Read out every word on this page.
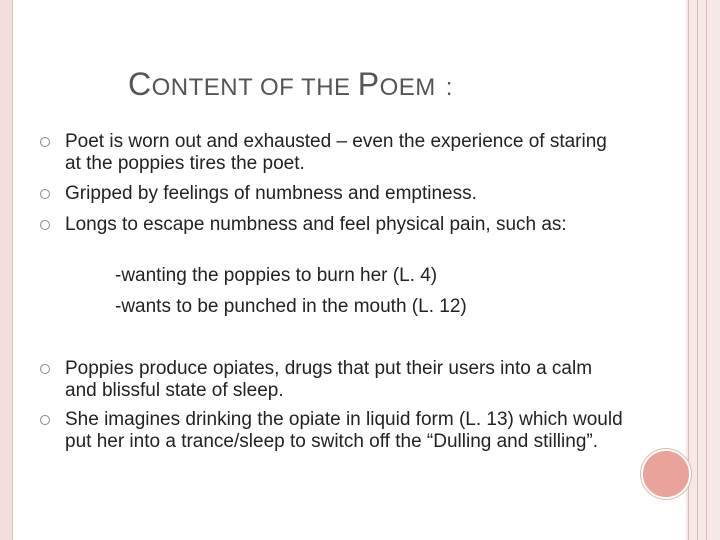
CONTENT OF THE POEM :
Poet is worn out and exhausted – even the experience of staring at the poppies tires the poet.
Gripped by feelings of numbness and emptiness.
Longs to escape numbness and feel physical pain, such as:
Poppies produce opiates, drugs that put their users into a calm and blissful state of sleep.
She imagines drinking the opiate in liquid form (L. 13) which would put her into a trance/sleep to switch off the “Dulling and stilling”.
-wanting the poppies to burn her (L. 4)
-wants to be punched in the mouth (L. 12)
